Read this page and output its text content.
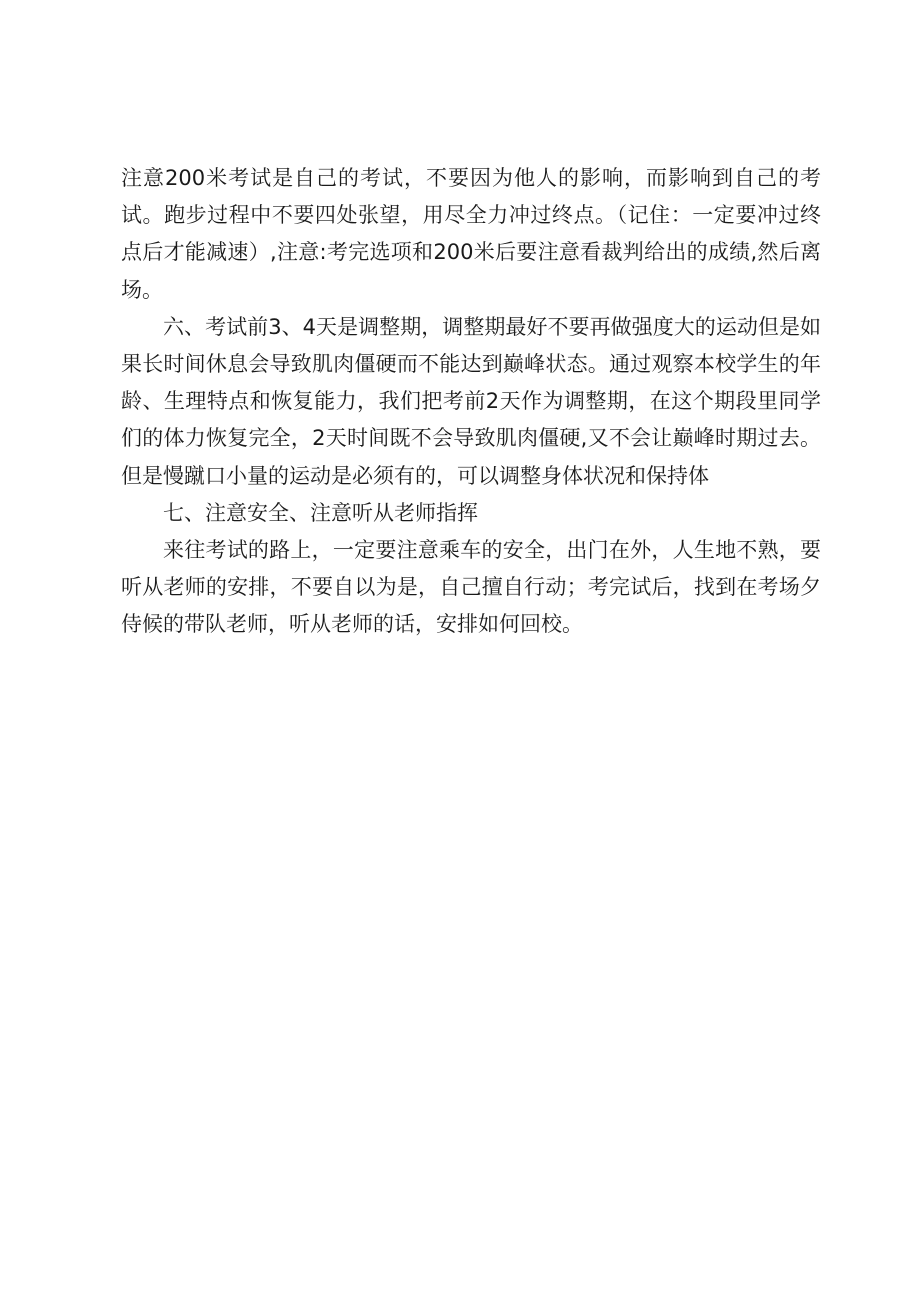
注意200米考试是自己的考试，不要因为他人的影响，而影响到自己的考试。跑步过程中不要四处张望，用尽全力冲过终点。（记住：一定要冲过终点后才能减速）,注意:考完选项和200米后要注意看裁判给出的成绩,然后离场。

六、考试前3、4天是调整期，调整期最好不要再做强度大的运动但是如果长时间休息会导致肌肉僵硬而不能达到巅峰状态。通过观察本校学生的年龄、生理特点和恢复能力，我们把考前2天作为调整期，在这个期段里同学们的体力恢复完全，2天时间既不会导致肌肉僵硬,又不会让巅峰时期过去。但是慢蹴口小量的运动是必须有的，可以调整身体状况和保持体

七、注意安全、注意听从老师指挥

来往考试的路上，一定要注意乘车的安全，出门在外，人生地不熟，要听从老师的安排，不要自以为是，自己擅自行动；考完试后，找到在考场夕侍候的带队老师，听从老师的话，安排如何回校。
